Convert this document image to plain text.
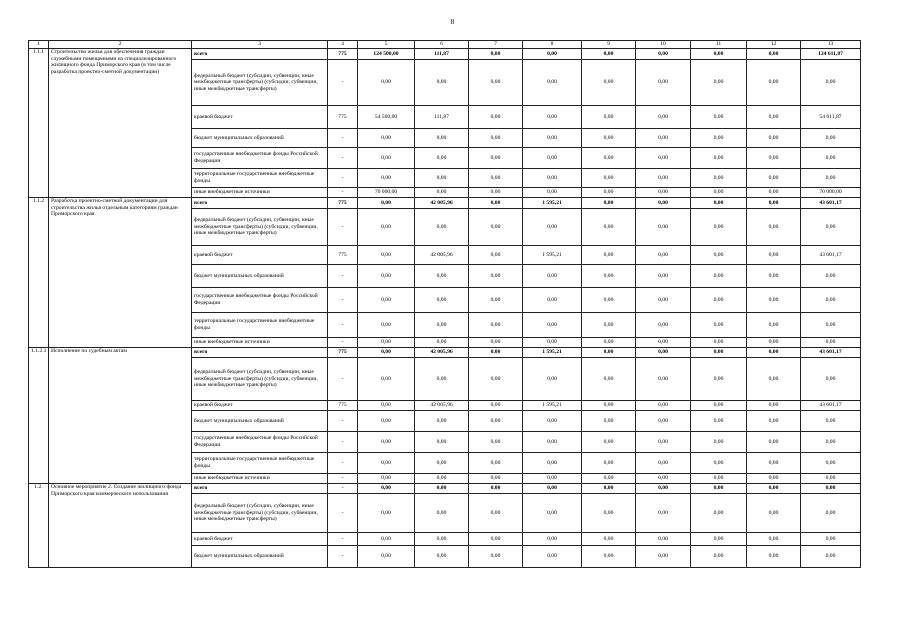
8
1	2	3	4	5	6	7	8	9	10	11	12	13
1.1.1	Строительство жилья для обеспечения граждан служебными помещениями из специализированного жилищного фонда Приморского края (в том числе разработка проектно-сметной документации)	всего	775	124 500,00	111,87	0,00	0,00	0,00	0,00	0,00	0,00	124 611,87
		федеральный бюджет (субсидии, субвенции, иные межбюджетные трансферты) (субсидии, субвенции, иные межбюджетные трансферты)	-	0,00	0,00	0,00	0,00	0,00	0,00	0,00	0,00	0,00
		краевой бюджет	775	54 500,00	111,87	0,00	0,00	0,00	0,00	0,00	0,00	54 611,87
		бюджет муниципальных образований	-	0,00	0,00	0,00	0,00	0,00	0,00	0,00	0,00	0,00
		государственные внебюджетные фонды Российской Федерации	-	0,00	0,00	0,00	0,00	0,00	0,00	0,00	0,00	0,00
		территориальные государственные внебюджетные фонды	-	0,00	0,00	0,00	0,00	0,00	0,00	0,00	0,00	0,00
		иные внебюджетные источники	-	70 000,00	0,00	0,00	0,00	0,00	0,00	0,00	0,00	70 000,00
1.1.2	Разработка проектно-сметной документации для строительства жилья отдельным категориям граждан Приморского края	всего	775	0,00	42 005,96	0,00	1 595,21	0,00	0,00	0,00	0,00	43 601,17
		федеральный бюджет (субсидии, субвенции, иные межбюджетные трансферты) (субсидии, субвенции, иные межбюджетные трансферты)	-	0,00	0,00	0,00	0,00	0,00	0,00	0,00	0,00	0,00
		краевой бюджет	775	0,00	42 005,96	0,00	1 595,21	0,00	0,00	0,00	0,00	43 601,17
		бюджет муниципальных образований	-	0,00	0,00	0,00	0,00	0,00	0,00	0,00	0,00	0,00
		государственные внебюджетные фонды Российской Федерации	-	0,00	0,00	0,00	0,00	0,00	0,00	0,00	0,00	0,00
		территориальные государственные внебюджетные фонды	-	0,00	0,00	0,00	0,00	0,00	0,00	0,00	0,00	0,00
		иные внебюджетные источники	-	0,00	0,00	0,00	0,00	0,00	0,00	0,00	0,00	0,00
1.1.2.1	Исполнение по судебным актам	всего	775	0,00	42 005,96	0,00	1 595,21	0,00	0,00	0,00	0,00	43 601,17
		федеральный бюджет (субсидии, субвенции, иные межбюджетные трансферты) (субсидии, субвенции, иные межбюджетные трансферты)	-	0,00	0,00	0,00	0,00	0,00	0,00	0,00	0,00	0,00
		краевой бюджет	775	0,00	42 005,96	0,00	1 595,21	0,00	0,00	0,00	0,00	43 601,17
		бюджет муниципальных образований	-	0,00	0,00	0,00	0,00	0,00	0,00	0,00	0,00	0,00
		государственные внебюджетные фонды Российской Федерации	-	0,00	0,00	0,00	0,00	0,00	0,00	0,00	0,00	0,00
		территориальные государственные внебюджетные фонды	-	0,00	0,00	0,00	0,00	0,00	0,00	0,00	0,00	0,00
		иные внебюджетные источники	-	0,00	0,00	0,00	0,00	0,00	0,00	0,00	0,00	0,00
1.2.	Основное мероприятие 2. Создание жилищного фонда Приморского края коммерческого использования	всего	-	0,00	0,00	0,00	0,00	0,00	0,00	0,00	0,00	0,00
		федеральный бюджет (субсидии, субвенции, иные межбюджетные трансферты) (субсидии, субвенции, иные межбюджетные трансферты)	-	0,00	0,00	0,00	0,00	0,00	0,00	0,00	0,00	0,00
		краевой бюджет	-	0,00	0,00	0,00	0,00	0,00	0,00	0,00	0,00	0,00
		бюджет муниципальных образований	-	0,00	0,00	0,00	0,00	0,00	0,00	0,00	0,00	0,00
